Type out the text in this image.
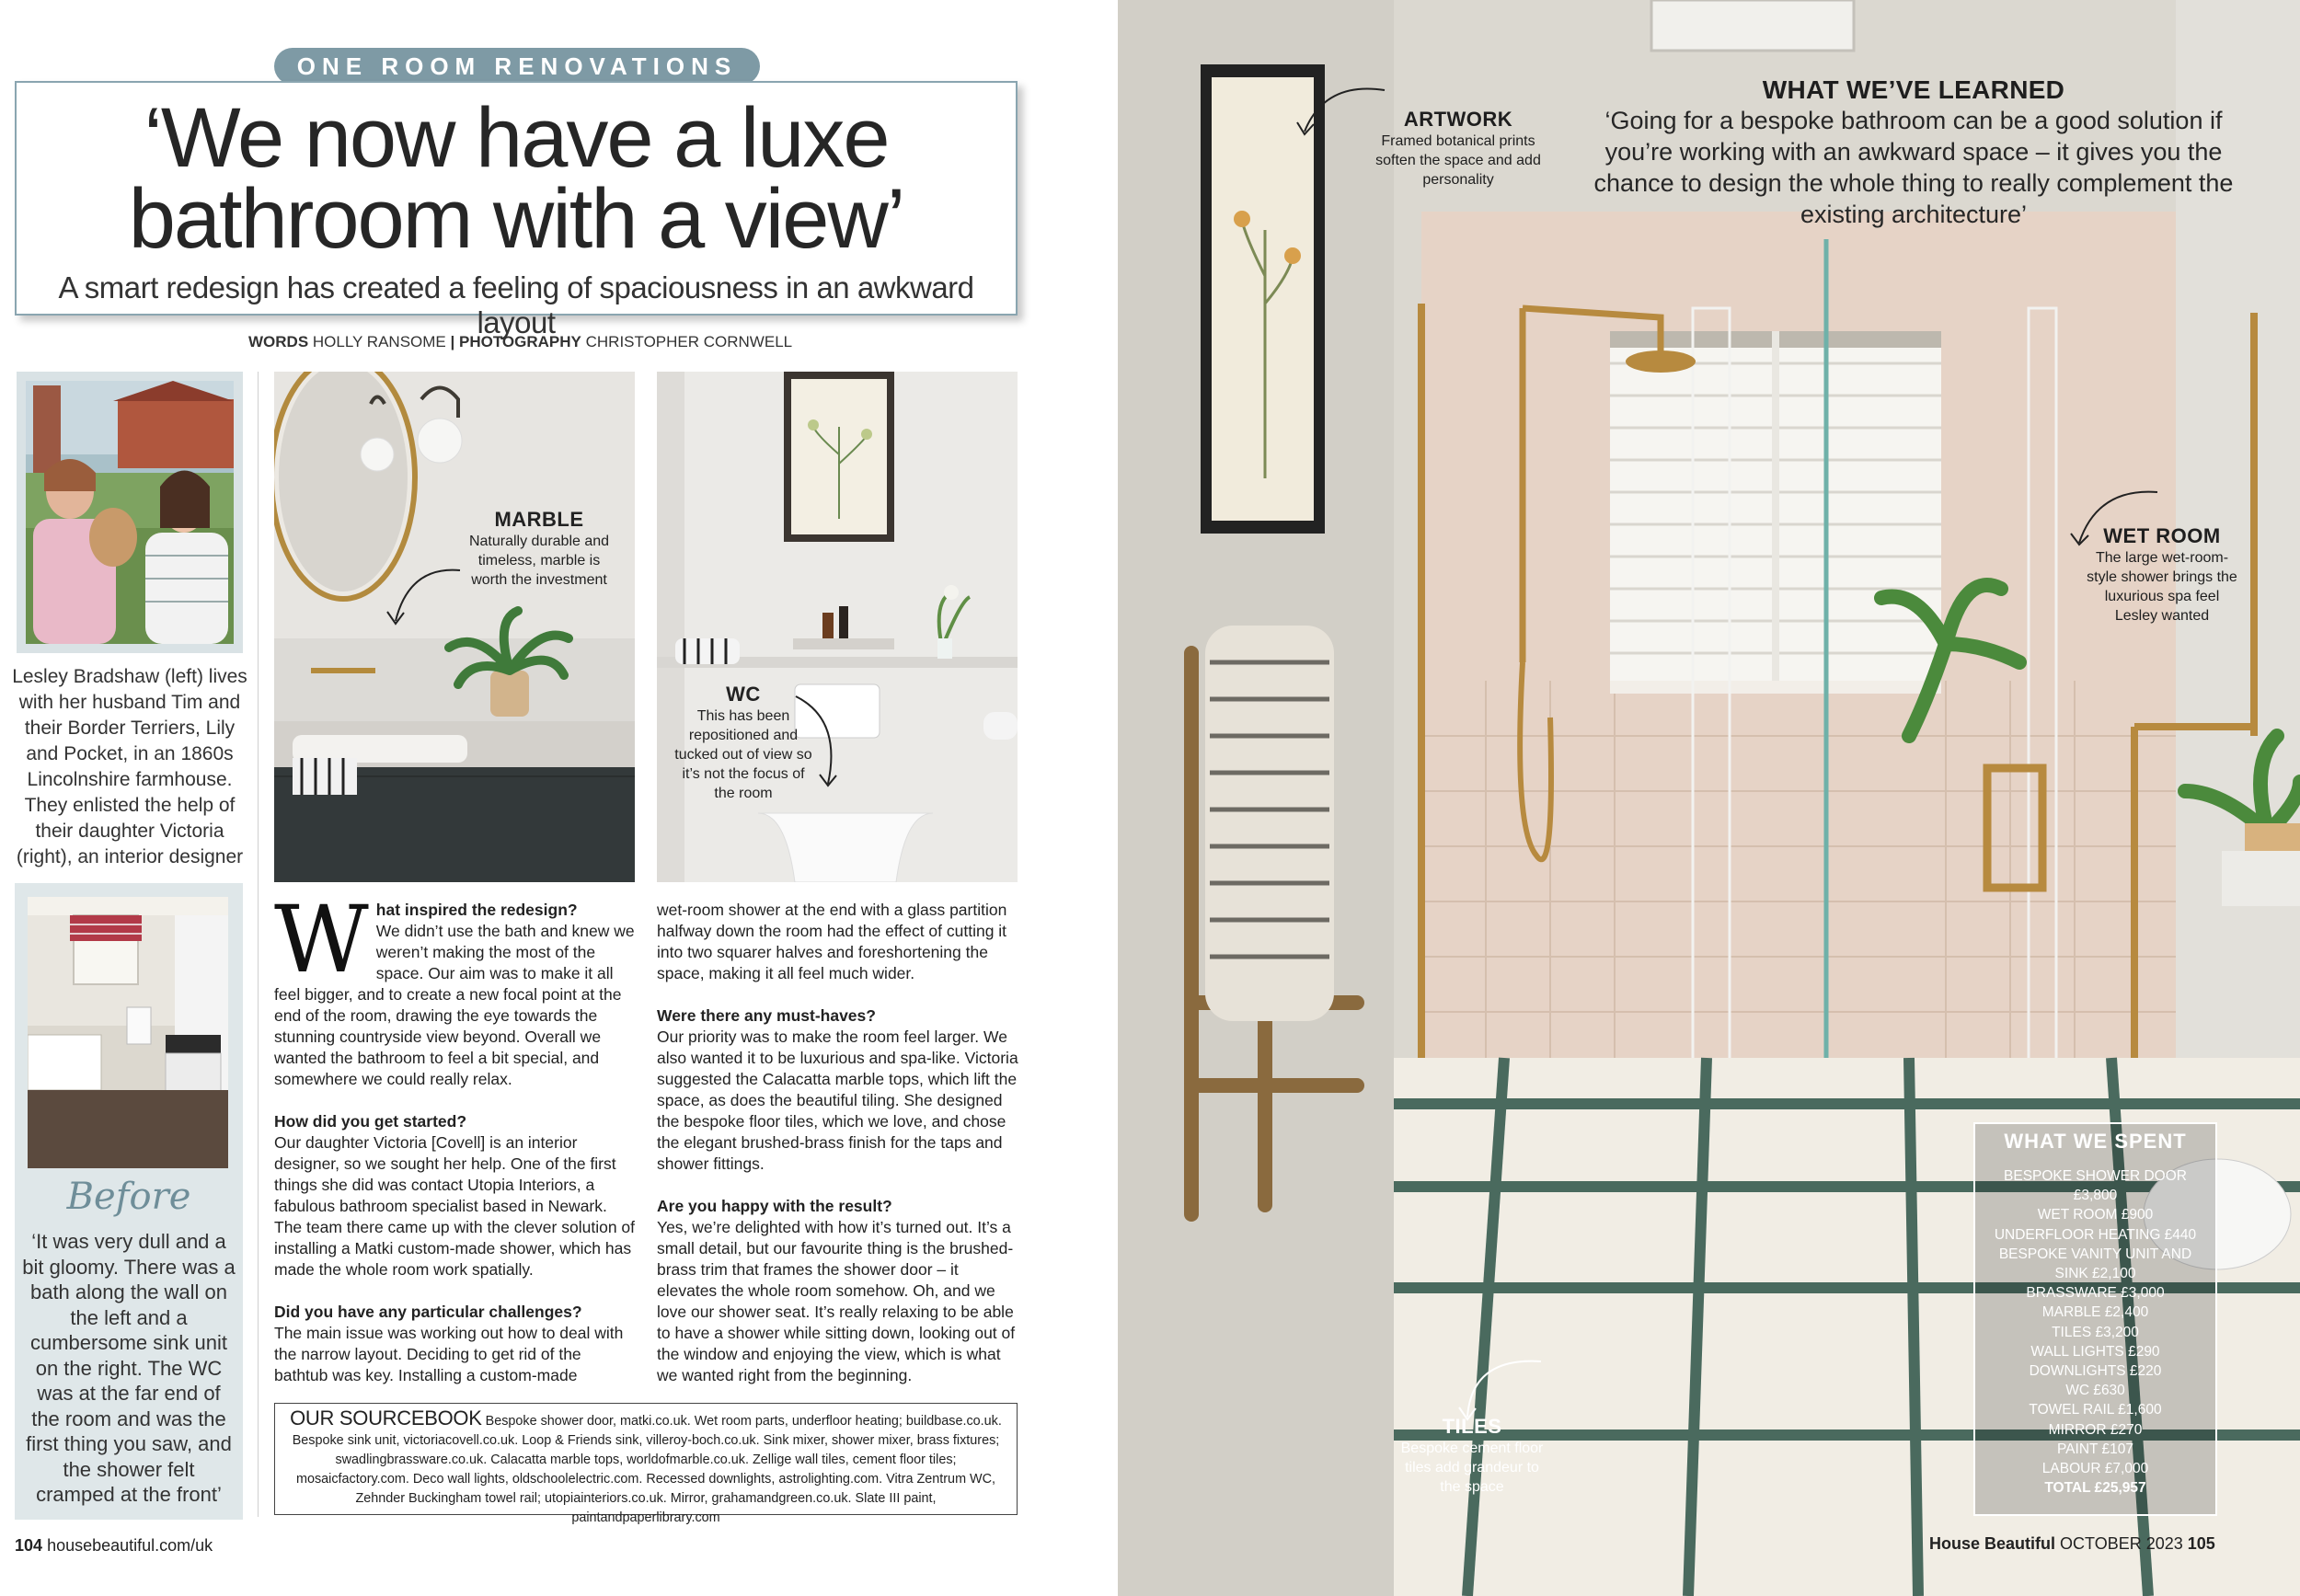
ONE ROOM RENOVATIONS
‘We now have a luxe bathroom with a view’
A smart redesign has created a feeling of spaciousness in an awkward layout
WORDS HOLLY RANSOME | PHOTOGRAPHY CHRISTOPHER CORNWELL
Lesley Bradshaw (left) lives with her husband Tim and their Border Terriers, Lily and Pocket, in an 1860s Lincolnshire farmhouse. They enlisted the help of their daughter Victoria (right), an interior designer
Before
‘It was very dull and a bit gloomy. There was a bath along the wall on the left and a cumbersome sink unit on the right. The WC was at the far end of the room and was the first thing you saw, and the shower felt cramped at the front’
MARBLE
Naturally durable and timeless, marble is worth the investment
WC
This has been repositioned and tucked out of view so it’s not the focus of the room

W hat inspired the redesign?
We didn’t use the bath and knew we weren’t making the most of the space. Our aim was to make it all feel bigger, and to create a new focal point at the end of the room, drawing the eye towards the stunning countryside view beyond. Overall we wanted the bathroom to feel a bit special, and somewhere we could really relax.

How did you get started?
Our daughter Victoria [Covell] is an interior designer, so we sought her help. One of the first things she did was contact Utopia Interiors, a fabulous bathroom specialist based in Newark. The team there came up with the clever solution of installing a Matki custom-made shower, which has made the whole room work spatially.

Did you have any particular challenges?
The main issue was working out how to deal with the narrow layout. Deciding to get rid of the bathtub was key. Installing a custom-made

wet-room shower at the end with a glass partition halfway down the room had the effect of cutting it into two squarer halves and foreshortening the space, making it all feel much wider.

Were there any must-haves?
Our priority was to make the room feel larger. We also wanted it to be luxurious and spa-like. Victoria suggested the Calacatta marble tops, which lift the space, as does the beautiful tiling. She designed the bespoke floor tiles, which we love, and chose the elegant brushed-brass finish for the taps and shower fittings.

Are you happy with the result?
Yes, we’re delighted with how it’s turned out. It’s a small detail, but our favourite thing is the brushed-brass trim that frames the shower door – it elevates the whole room somehow. Oh, and we love our shower seat. It’s really relaxing to be able to have a shower while sitting down, looking out of the window and enjoying the view, which is what we wanted right from the beginning.

OUR SOURCEBOOK Bespoke shower door, matki.co.uk. Wet room parts, underfloor heating; buildbase.co.uk. Bespoke sink unit, victoriacovell.co.uk. Loop & Friends sink, villeroy-boch.co.uk. Sink mixer, shower mixer, brass fixtures; swadlingbrassware.co.uk. Calacatta marble tops, worldofmarble.co.uk. Zellige wall tiles, cement floor tiles; mosaicfactory.com. Deco wall lights, oldschoolelectric.com. Recessed downlights, astrolighting.com. Vitra Zentrum WC, Zehnder Buckingham towel rail; utopiainteriors.co.uk. Mirror, grahamandgreen.co.uk. Slate III paint, paintandpaperlibrary.com
104 housebeautiful.com/uk
WHAT WE’VE LEARNED
‘Going for a bespoke bathroom can be a good solution if you’re working with an awkward space – it gives you the chance to design the whole thing to really complement the existing architecture’
ARTWORK
Framed botanical prints soften the space and add personality
WET ROOM
The large wet-room-style shower brings the luxurious spa feel Lesley wanted
TILES
Bespoke cement floor tiles add grandeur to the space
WHAT WE SPENT
BESPOKE SHOWER DOOR
£3,800
WET ROOM £900
UNDERFLOOR HEATING £440
BESPOKE VANITY UNIT AND
SINK £2,100
BRASSWARE £3,000
MARBLE £2,400
TILES £3,200
WALL LIGHTS £290
DOWNLIGHTS £220
WC £630
TOWEL RAIL £1,600
MIRROR £270
PAINT £107
LABOUR £7,000
TOTAL £25,957
House Beautiful OCTOBER 2023 105
